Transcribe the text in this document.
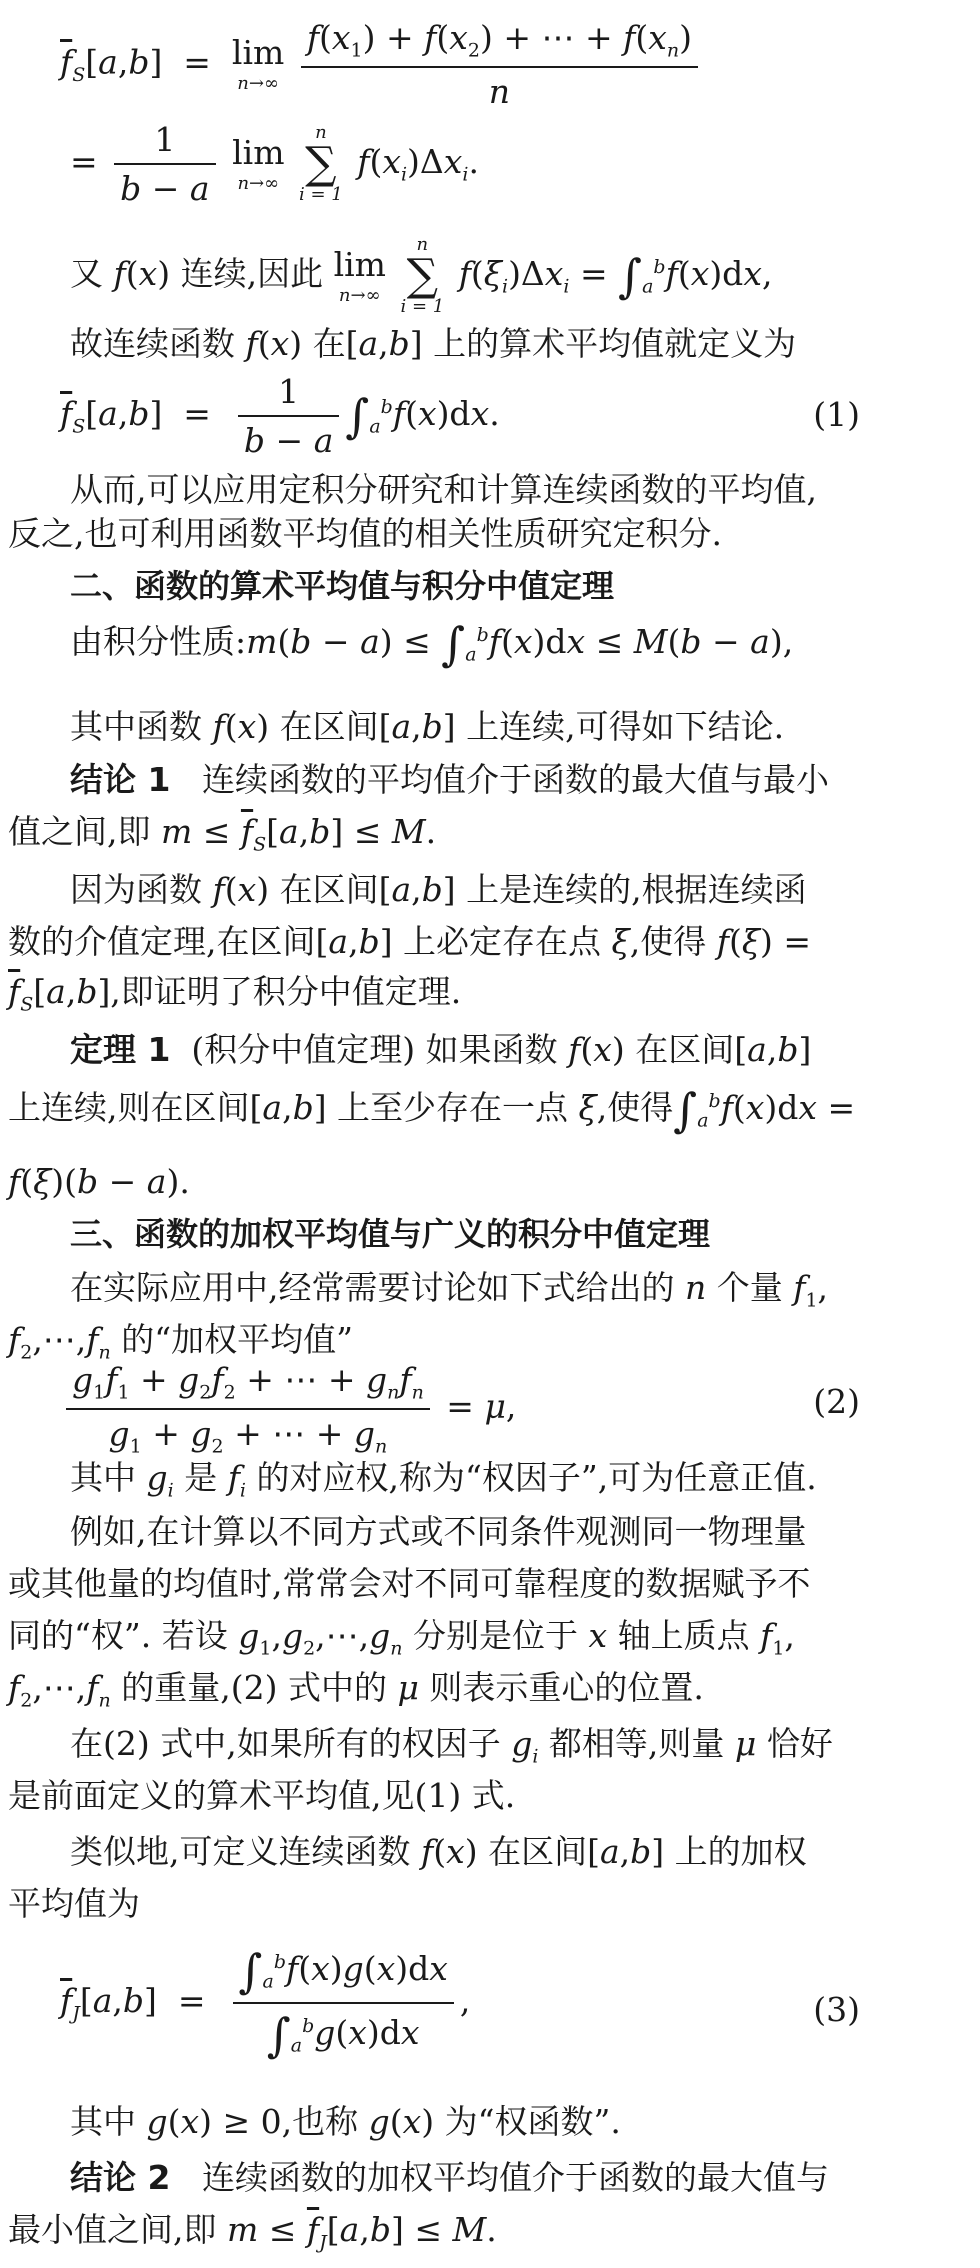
$\overline{f}_S[a,b] = \lim$
n→∞
$\frac{f(x_1) + f(x_2) + \cdots + f(x_n)}{n}$
= $\frac{1}{b - a}$ lim
n→∞

n
∑
i = 1
$f(x_i)\Delta x_i$.
又 f(x) 连续,因此 lim
n→∞

n
∑
i = 1
$f(\xi_i)\Delta x_i = \int_a^bf(x)dx$,
故连续函数 f(x) 在[a,b] 上的算术平均值就定义为
$\overline{f}_S[a,b] = \frac{1}{b - a} \int_a^bf(x)dx$.	(1)
从而,可以应用定积分研究和计算连续函数的平均值,
反之,也可利用函数平均值的相关性质研究定积分.
二、函数的算术平均值与积分中值定理
由积分性质:m(b − $a) \le \int_a^bf(x)dx \le M(b - a)$,
其中函数 f(x) 在区间[a,b] 上连续,可得如下结论.
结论 1 连续函数的平均值介于函数的最大值与最小
值之间,即 $m \le \overline{f}_S[a,b] \le M$.
因为函数 f(x) 在区间[a,b] 上是连续的,根据连续函
数的介值定理,在区间[a,b] 上必定存在点 ξ,使得 f(ξ) =
$\overline{f}_S[a,b]$,即证明了积分中值定理.
定理 1  (积分中值定理) 如果函数 f(x) 在区间[a,b]
上连续,则在区间[a,b] 上至少存在一点 ξ,使得$\int_a^bf(x)dx$ =
f(ξ)(b − a).
三、函数的加权平均值与广义的积分中值定理
在实际应用中,经常需要讨论如下式给出的 n 个量 $f_1$,
$f_2,\cdots,f_n$ 的“加权平均值”
$\frac{g_1f_1 + g_2f_2 + \cdots + g_nf_n}{g_1 + g_2 + \cdots + g_n} = \mu$,	(2)
其中 $g_i$ 是 $f_i$ 的对应权,称为“权因子”,可为任意正值.
例如,在计算以不同方式或不同条件观测同一物理量
或其他量的均值时,常常会对不同可靠程度的数据赋予不
同的“权”. 若设 $g_1,g_2,\cdots,g_n$ 分别是位于 x 轴上质点 $f_1$,
$f_2,\cdots,f_n$ 的重量,(2) 式中的 μ 则表示重心的位置.
在(2) 式中,如果所有的权因子 $g_i$ 都相等,则量 μ 恰好
是前面定义的算术平均值,见(1) 式.
类似地,可定义连续函数 f(x) 在区间[a,b] 上的加权
平均值为
$\overline{f}_J[a,b] = \frac{\int_a^bf(x)g(x)dx}{\int_a^bg(x)dx}$ ,	(3)
其中 g(x) ≥ 0,也称 g(x) 为“权函数”.
结论 2 连续函数的加权平均值介于函数的最大值与
最小值之间,即 $m \le \overline{f}_J[a,b] \le M$.
